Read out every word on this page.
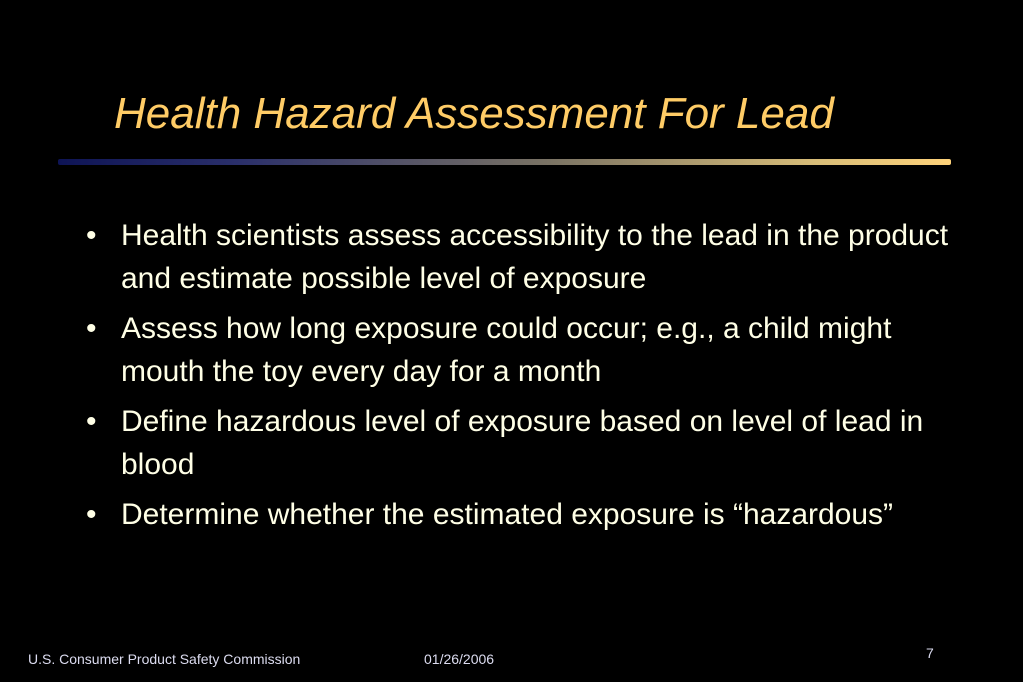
Health Hazard Assessment For Lead
• Health scientists assess accessibility to the lead in the product and estimate possible level of exposure
• Assess how long exposure could occur; e.g., a child might mouth the toy every day for a month
• Define hazardous level of exposure based on level of lead in blood
• Determine whether the estimated exposure is “hazardous”
U.S. Consumer Product Safety Commission	01/26/2006	7
